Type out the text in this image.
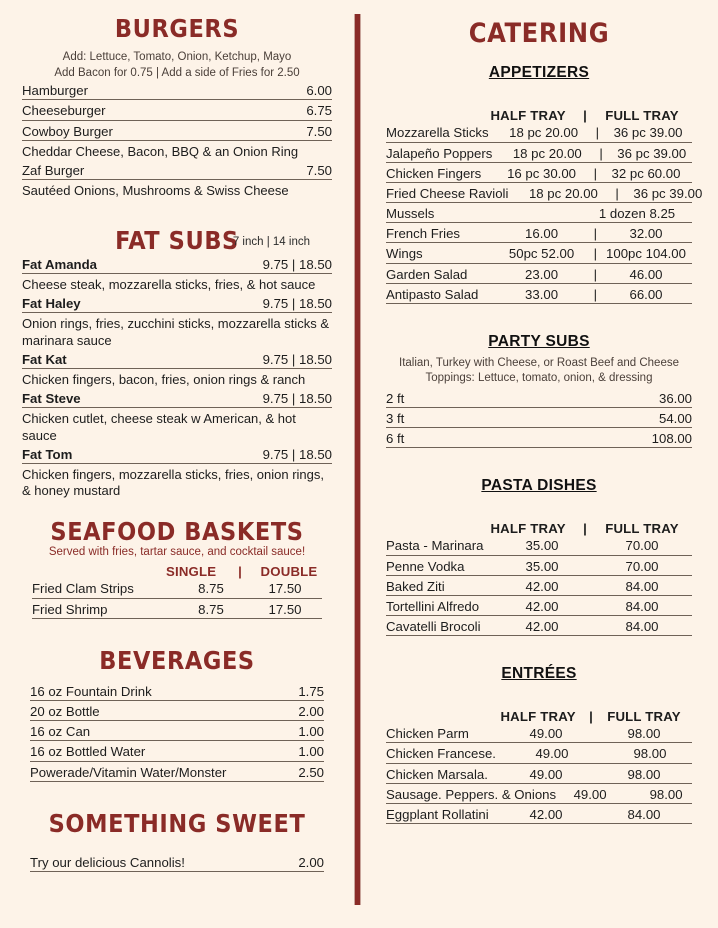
BURGERS
Add: Lettuce, Tomato, Onion, Ketchup, Mayo
Add Bacon for 0.75 | Add a side of Fries for 2.50
Hamburger	6.00
Cheeseburger	6.75
Cowboy Burger	7.50
Cheddar Cheese, Bacon, BBQ & an Onion Ring
Zaf Burger	7.50
Sautéed Onions, Mushrooms & Swiss Cheese
FAT SUBS
7 inch | 14 inch
Fat Amanda	9.75 | 18.50
Cheese steak, mozzarella sticks, fries, & hot sauce
Fat Haley	9.75 | 18.50
Onion rings, fries, zucchini sticks, mozzarella sticks & marinara sauce
Fat Kat	9.75 | 18.50
Chicken fingers, bacon, fries, onion rings & ranch
Fat Steve	9.75 | 18.50
Chicken cutlet, cheese steak w American, & hot sauce
Fat Tom	9.75 | 18.50
Chicken fingers, mozzarella sticks, fries, onion rings, & honey mustard
SEAFOOD BASKETS
Served with fries, tartar sauce, and cocktail sauce!
SINGLE	|	DOUBLE
Fried Clam Strips	8.75	17.50
Fried Shrimp	8.75	17.50
BEVERAGES
16 oz Fountain Drink	1.75
20 oz Bottle	2.00
16 oz Can	1.00
16 oz Bottled Water	1.00
Powerade/Vitamin Water/Monster	2.50
SOMETHING SWEET
Try our delicious Cannolis!	2.00
CATERING
APPETIZERS
HALF TRAY	|	FULL TRAY
Mozzarella Sticks	18 pc 20.00	|	36 pc 39.00
Jalapeño Poppers	18 pc 20.00	|	36 pc 39.00
Chicken Fingers	16 pc 30.00	|	32 pc 60.00
Fried Cheese Ravioli	18 pc 20.00	|	36 pc 39.00
Mussels	1 dozen 8.25
French Fries	16.00	|	32.00
Wings	50pc 52.00	| 100pc 104.00
Garden Salad	23.00	|	46.00
Antipasto Salad	33.00	|	66.00
PARTY SUBS
Italian, Turkey with Cheese, or Roast Beef and Cheese
Toppings: Lettuce, tomato, onion, & dressing
2 ft	36.00
3 ft	54.00
6 ft	108.00
PASTA DISHES
HALF TRAY	|	FULL TRAY
Pasta - Marinara	35.00	70.00
Penne Vodka	35.00	70.00
Baked Ziti	42.00	84.00
Tortellini Alfredo	42.00	84.00
Cavatelli Brocoli	42.00	84.00
ENTRÉES
HALF TRAY	|	FULL TRAY
Chicken Parm	49.00	98.00
Chicken Francese.	49.00	98.00
Chicken Marsala.	49.00	98.00
Sausage. Peppers. & Onions	49.00	98.00
Eggplant Rollatini	42.00	84.00
